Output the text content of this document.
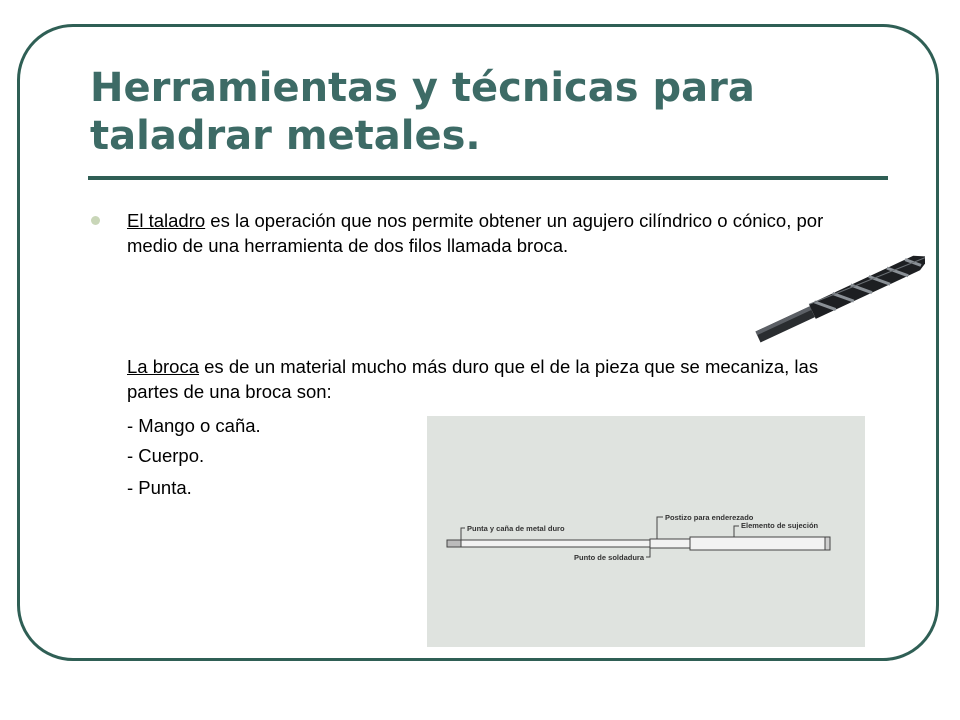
Herramientas y técnicas para taladrar metales.

El taladro es la operación que nos permite obtener un agujero cilíndrico o cónico, por medio de una herramienta de dos filos llamada broca.

La broca es de un material mucho más duro que el de la pieza que se mecaniza, las partes de una broca son:

- Mango o caña.

- Cuerpo.

- Punta.

Punta y caña de metal duro
Punto de soldadura
Postizo para enderezado
Elemento de sujeción
